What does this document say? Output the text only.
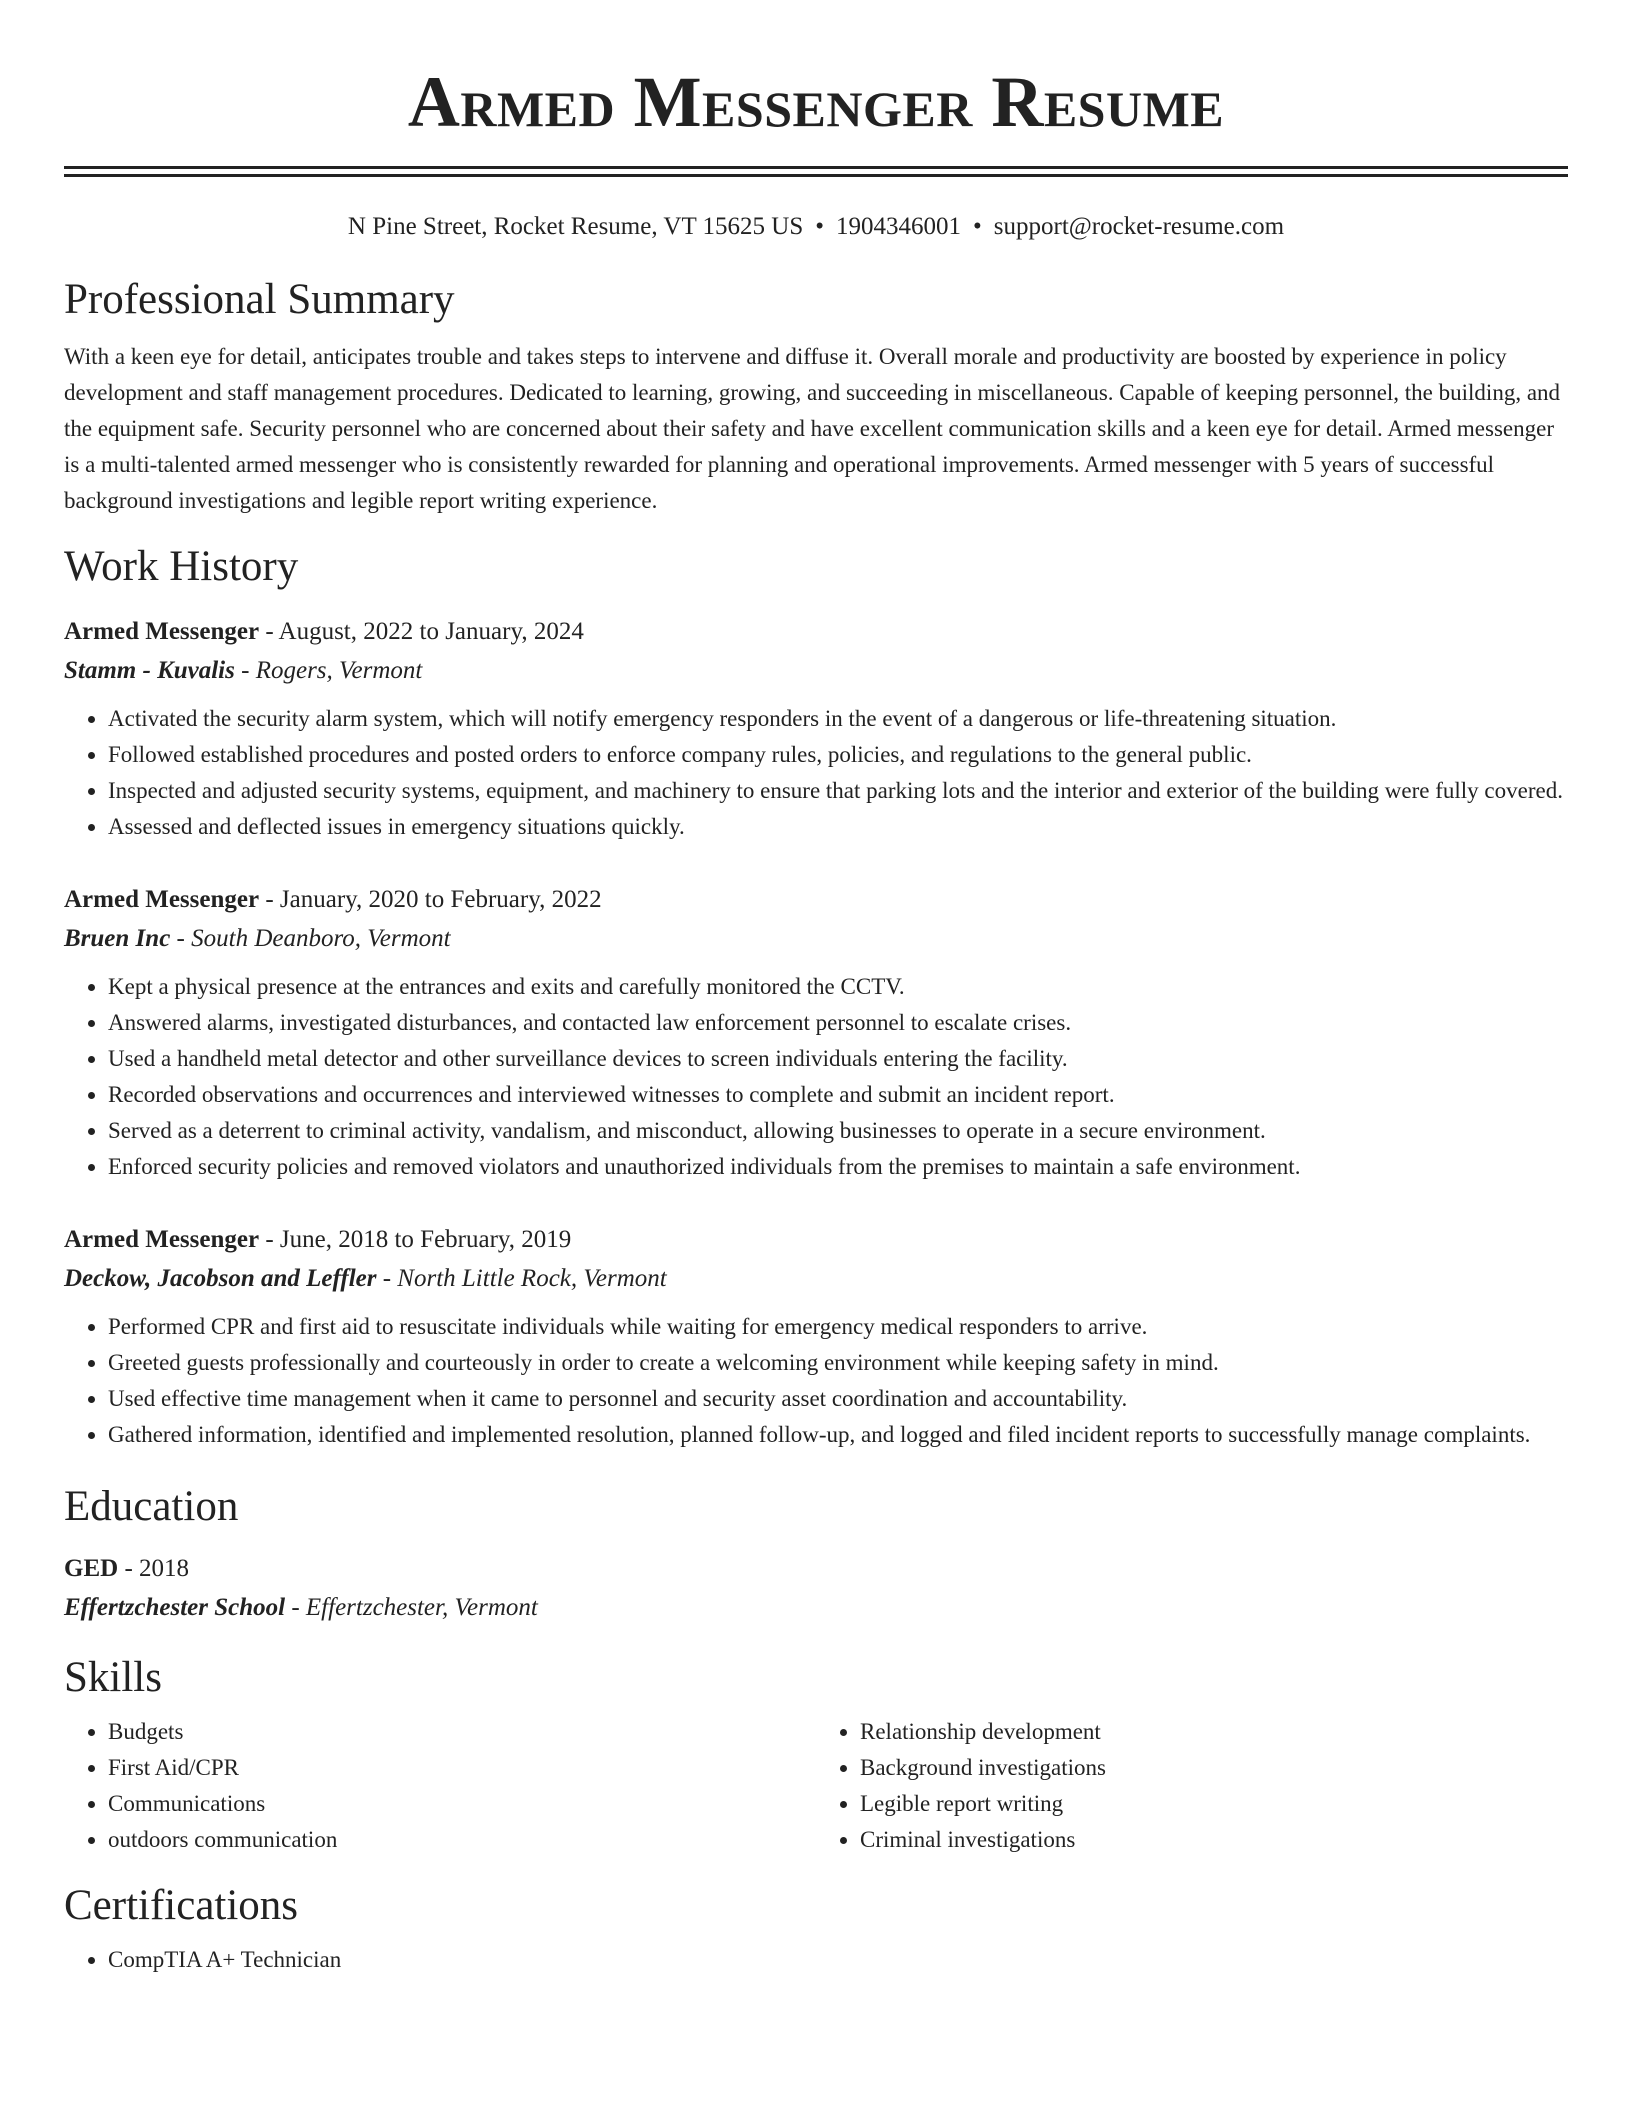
Armed Messenger Resume
N Pine Street, Rocket Resume, VT 15625 US • 1904346001 • support@rocket-resume.com
Professional Summary
With a keen eye for detail, anticipates trouble and takes steps to intervene and diffuse it. Overall morale and productivity are boosted by experience in policy development and staff management procedures. Dedicated to learning, growing, and succeeding in miscellaneous. Capable of keeping personnel, the building, and the equipment safe. Security personnel who are concerned about their safety and have excellent communication skills and a keen eye for detail. Armed messenger is a multi-talented armed messenger who is consistently rewarded for planning and operational improvements. Armed messenger with 5 years of successful background investigations and legible report writing experience.
Work History
Armed Messenger - August, 2022 to January, 2024
Stamm - Kuvalis - Rogers, Vermont
• Activated the security alarm system, which will notify emergency responders in the event of a dangerous or life-threatening situation.
• Followed established procedures and posted orders to enforce company rules, policies, and regulations to the general public.
• Inspected and adjusted security systems, equipment, and machinery to ensure that parking lots and the interior and exterior of the building were fully covered.
• Assessed and deflected issues in emergency situations quickly.
Armed Messenger - January, 2020 to February, 2022
Bruen Inc - South Deanboro, Vermont
• Kept a physical presence at the entrances and exits and carefully monitored the CCTV.
• Answered alarms, investigated disturbances, and contacted law enforcement personnel to escalate crises.
• Used a handheld metal detector and other surveillance devices to screen individuals entering the facility.
• Recorded observations and occurrences and interviewed witnesses to complete and submit an incident report.
• Served as a deterrent to criminal activity, vandalism, and misconduct, allowing businesses to operate in a secure environment.
• Enforced security policies and removed violators and unauthorized individuals from the premises to maintain a safe environment.
Armed Messenger - June, 2018 to February, 2019
Deckow, Jacobson and Leffler - North Little Rock, Vermont
• Performed CPR and first aid to resuscitate individuals while waiting for emergency medical responders to arrive.
• Greeted guests professionally and courteously in order to create a welcoming environment while keeping safety in mind.
• Used effective time management when it came to personnel and security asset coordination and accountability.
• Gathered information, identified and implemented resolution, planned follow-up, and logged and filed incident reports to successfully manage complaints.
Education
GED - 2018
Effertzchester School - Effertzchester, Vermont
Skills
• Budgets
• First Aid/CPR
• Communications
• outdoors communication
• Relationship development
• Background investigations
• Legible report writing
• Criminal investigations
Certifications
• CompTIA A+ Technician
